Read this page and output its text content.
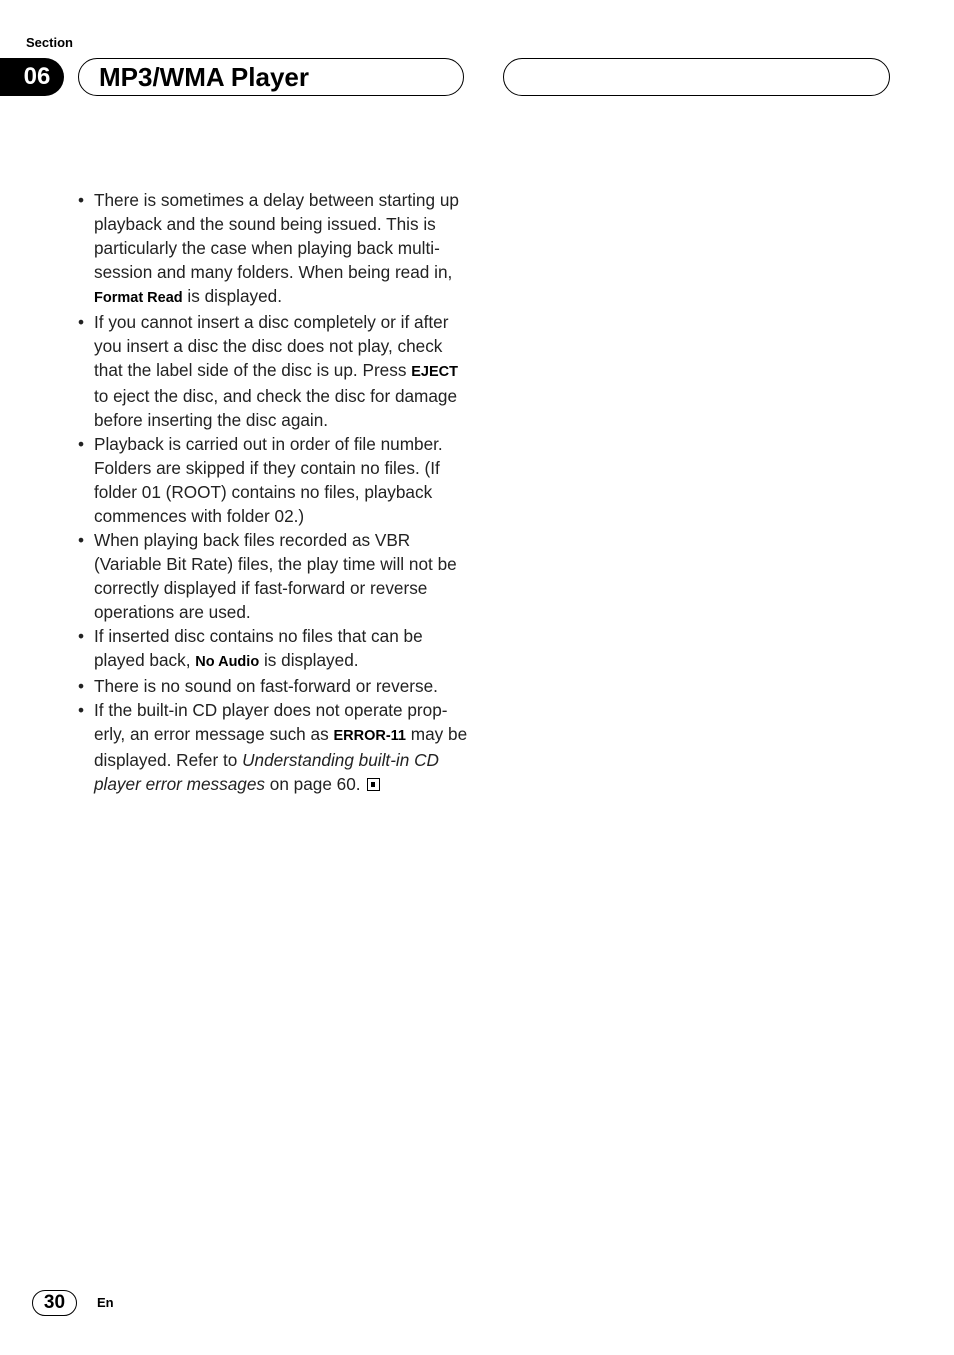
Section
06	MP3/WMA Player
• There is sometimes a delay between starting up playback and the sound being issued. This is particularly the case when playing back multi-session and many folders. When being read in, Format Read is displayed.
• If you cannot insert a disc completely or if after you insert a disc the disc does not play, check that the label side of the disc is up. Press EJECT to eject the disc, and check the disc for damage before inserting the disc again.
• Playback is carried out in order of file number. Folders are skipped if they contain no files. (If folder 01 (ROOT) contains no files, playback commences with folder 02.)
• When playing back files recorded as VBR (Variable Bit Rate) files, the play time will not be correctly displayed if fast-forward or reverse operations are used.
• If inserted disc contains no files that can be played back, No Audio is displayed.
• There is no sound on fast-forward or reverse.
• If the built-in CD player does not operate prop-erly, an error message such as ERROR-11 may be displayed. Refer to Understanding built-in CD player error messages on page 60.
30	En
